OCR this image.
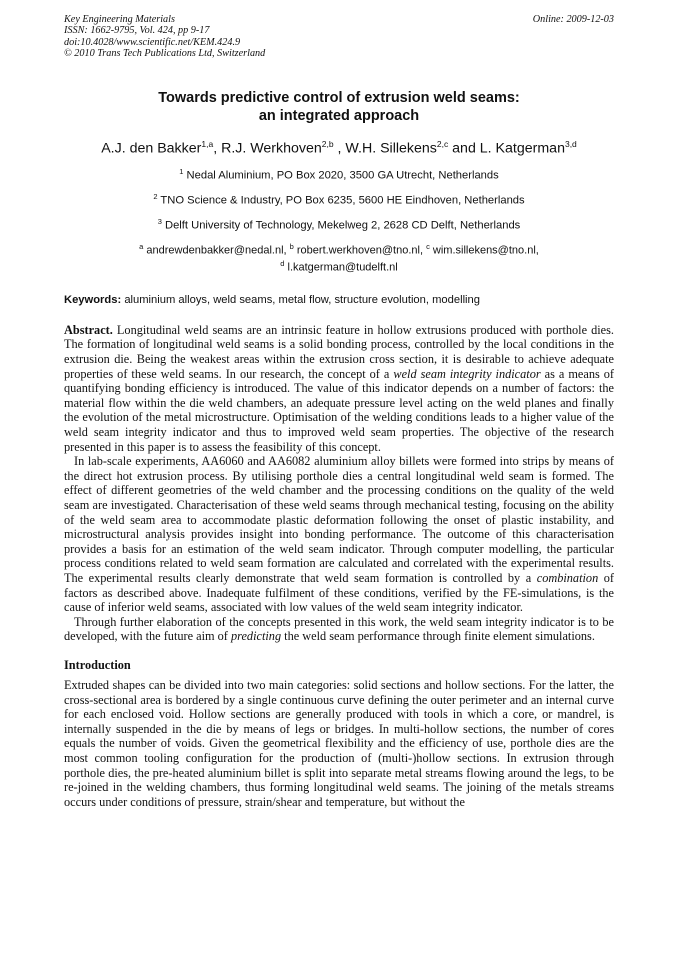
Key Engineering Materials
ISSN: 1662-9795, Vol. 424, pp 9-17
doi:10.4028/www.scientific.net/KEM.424.9
© 2010 Trans Tech Publications Ltd, Switzerland
Online: 2009-12-03
Towards predictive control of extrusion weld seams:
an integrated approach
A.J. den Bakker$^{1,a}$, R.J. Werkhoven$^{2,b}$ , W.H. Sillekens$^{2,c}$ and L. Katgerman$^{3,d}$
$^1$ Nedal Aluminium, PO Box 2020, 3500 GA Utrecht, Netherlands
$^2$ TNO Science & Industry, PO Box 6235, 5600 HE Eindhoven, Netherlands
$^3$ Delft University of Technology, Mekelweg 2, 2628 CD Delft, Netherlands
$^a$ andrewdenbakker@nedal.nl, $^b$ robert.werkhoven@tno.nl, $^c$ wim.sillekens@tno.nl,
$^d$ l.katgerman@tudelft.nl
Keywords: aluminium alloys, weld seams, metal flow, structure evolution, modelling

Abstract. Longitudinal weld seams are an intrinsic feature in hollow extrusions produced with porthole dies. The formation of longitudinal weld seams is a solid bonding process, controlled by the local conditions in the extrusion die. Being the weakest areas within the extrusion cross section, it is desirable to achieve adequate properties of these weld seams. In our research, the concept of a weld seam integrity indicator as a means of quantifying bonding efficiency is introduced. The value of this indicator depends on a number of factors: the material flow within the die weld chambers, an adequate pressure level acting on the weld planes and finally the evolution of the metal microstructure. Optimisation of the welding conditions leads to a higher value of the weld seam integrity indicator and thus to improved weld seam properties. The objective of the research presented in this paper is to assess the feasibility of this concept.

In lab-scale experiments, AA6060 and AA6082 aluminium alloy billets were formed into strips by means of the direct hot extrusion process. By utilising porthole dies a central longitudinal weld seam is formed. The effect of different geometries of the weld chamber and the processing conditions on the quality of the weld seam are investigated. Characterisation of these weld seams through mechanical testing, focusing on the ability of the weld seam area to accommodate plastic deformation following the onset of plastic instability, and microstructural analysis provides insight into bonding performance. The outcome of this characterisation provides a basis for an estimation of the weld seam indicator. Through computer modelling, the particular process conditions related to weld seam formation are calculated and correlated with the experimental results. The experimental results clearly demonstrate that weld seam formation is controlled by a combination of factors as described above. Inadequate fulfilment of these conditions, verified by the FE-simulations, is the cause of inferior weld seams, associated with low values of the weld seam integrity indicator.

Through further elaboration of the concepts presented in this work, the weld seam integrity indicator is to be developed, with the future aim of predicting the weld seam performance through finite element simulations.

Introduction

Extruded shapes can be divided into two main categories: solid sections and hollow sections. For the latter, the cross-sectional area is bordered by a single continuous curve defining the outer perimeter and an internal curve for each enclosed void. Hollow sections are generally produced with tools in which a core, or mandrel, is internally suspended in the die by means of legs or bridges. In multi-hollow sections, the number of cores equals the number of voids. Given the geometrical flexibility and the efficiency of use, porthole dies are the most common tooling configuration for the production of (multi-)hollow sections. In extrusion through porthole dies, the pre-heated aluminium billet is split into separate metal streams flowing around the legs, to be re-joined in the welding chambers, thus forming longitudinal weld seams. The joining of the metals streams occurs under conditions of pressure, strain/shear and temperature, but without the
